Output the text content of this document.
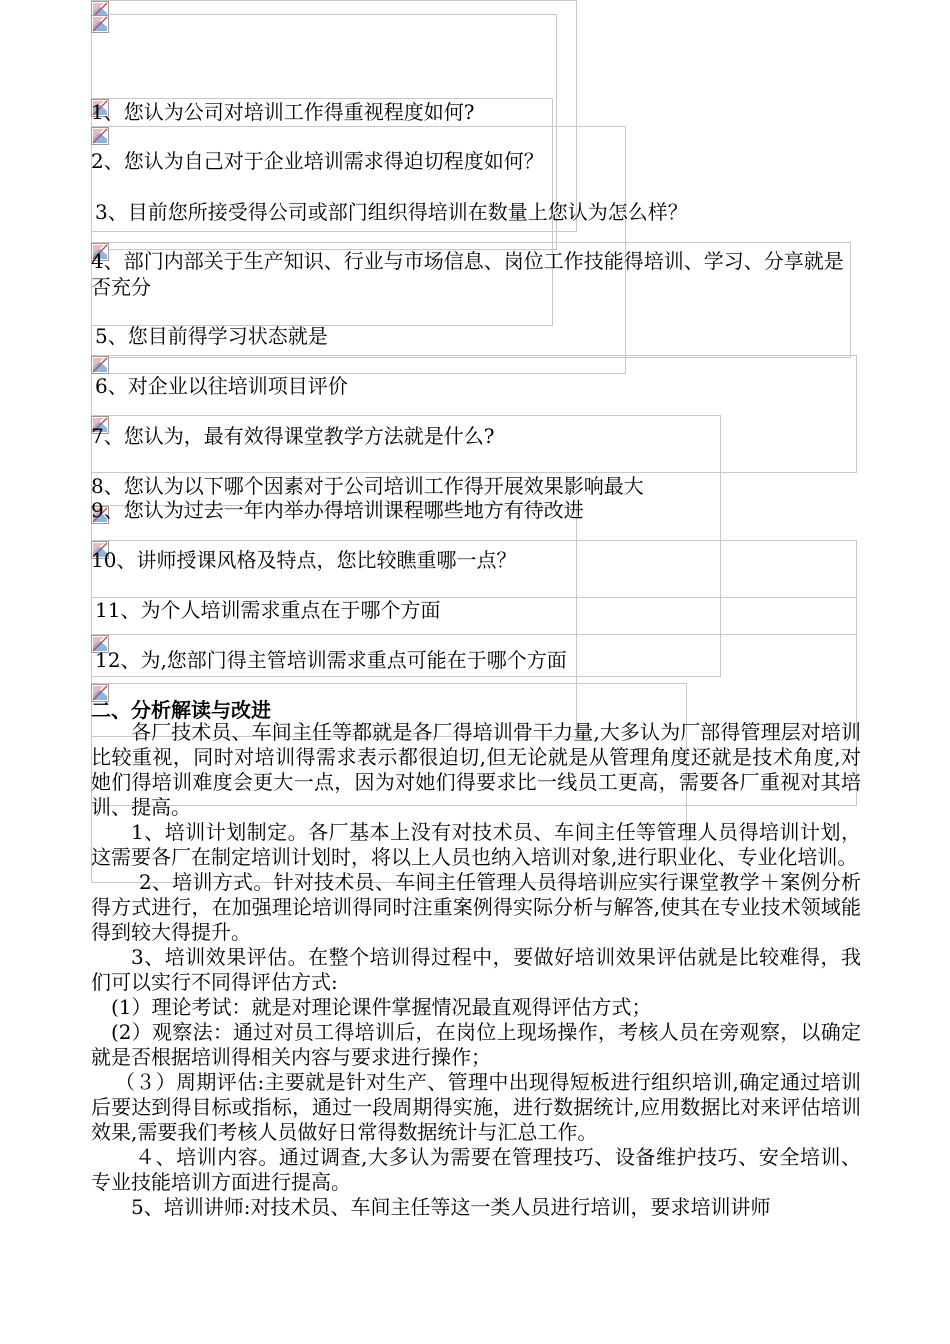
1、您认为公司对培训工作得重视程度如何?
2、您认为自己对于企业培训需求得迫切程度如何？
3、目前您所接受得公司或部门组织得培训在数量上您认为怎么样？
4、部门内部关于生产知识、行业与市场信息、岗位工作技能得培训、学习、分享就是否充分
5、您目前得学习状态就是
6、对企业以往培训项目评价
7、您认为，最有效得课堂教学方法就是什么?
8、您认为以下哪个因素对于公司培训工作得开展效果影响最大
9、您认为过去一年内举办得培训课程哪些地方有待改进
10、讲师授课风格及特点，您比较瞧重哪一点？
11、为个人培训需求重点在于哪个方面
12、为,您部门得主管培训需求重点可能在于哪个方面
二、分析解读与改进

各厂技术员、车间主任等都就是各厂得培训骨干力量,大多认为厂部得管理层对培训比较重视，同时对培训得需求表示都很迫切,但无论就是从管理角度还就是技术角度,对她们得培训难度会更大一点，因为对她们得要求比一线员工更高，需要各厂重视对其培训、提高。

1、培训计划制定。各厂基本上没有对技术员、车间主任等管理人员得培训计划，这需要各厂在制定培训计划时，将以上人员也纳入培训对象,进行职业化、专业化培训。

2、培训方式。针对技术员、车间主任管理人员得培训应实行课堂教学＋案例分析得方式进行，在加强理论培训得同时注重案例得实际分析与解答,使其在专业技术领域能得到较大得提升。

3、培训效果评估。在整个培训得过程中，要做好培训效果评估就是比较难得，我们可以实行不同得评估方式:

(1）理论考试：就是对理论课件掌握情况最直观得评估方式；

(2）观察法：通过对员工得培训后，在岗位上现场操作，考核人员在旁观察，以确定就是否根据培训得相关内容与要求进行操作；

（３）周期评估:主要就是针对生产、管理中出现得短板进行组织培训,确定通过培训后要达到得目标或指标，通过一段周期得实施，进行数据统计,应用数据比对来评估培训效果,需要我们考核人员做好日常得数据统计与汇总工作。

４、培训内容。通过调查,大多认为需要在管理技巧、设备维护技巧、安全培训、专业技能培训方面进行提高。

5、培训讲师:对技术员、车间主任等这一类人员进行培训，要求培训讲师
